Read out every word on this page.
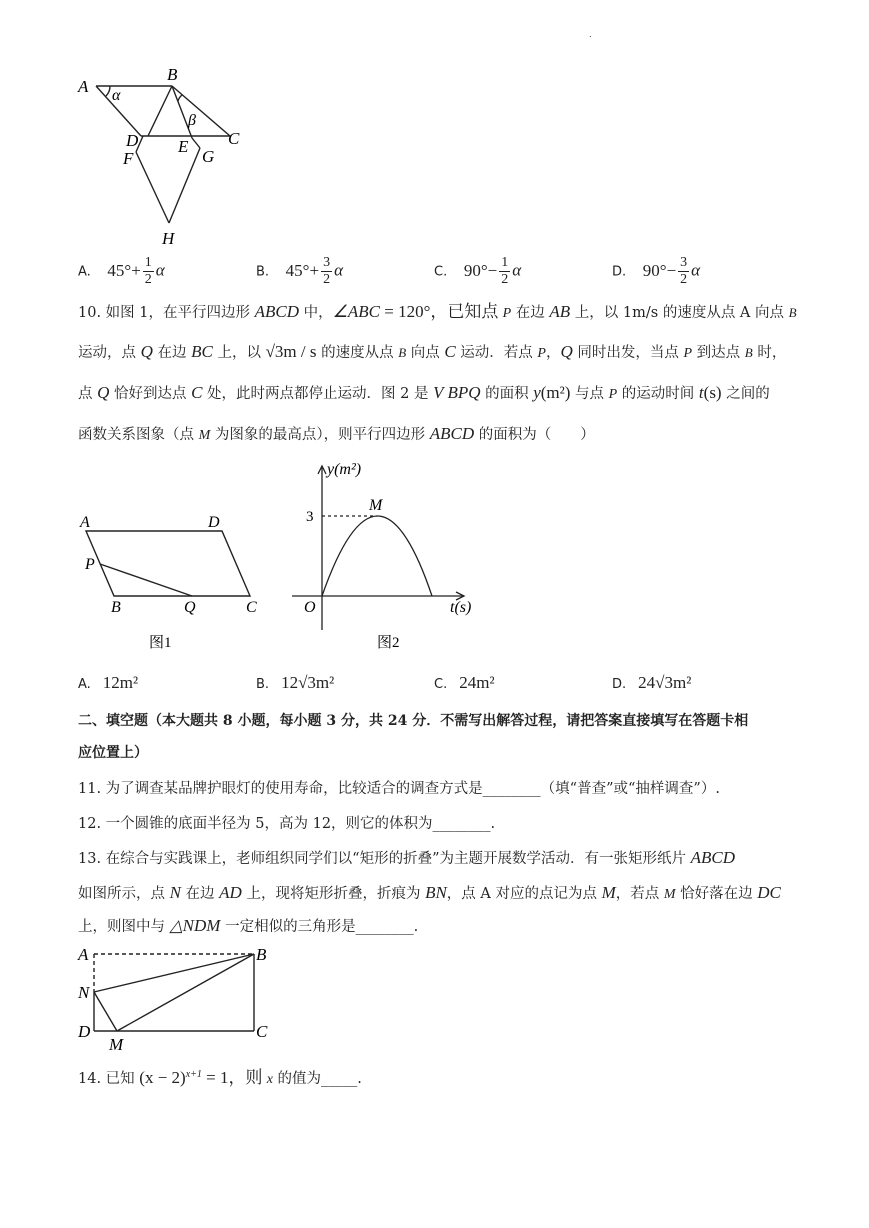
.
A
B
α
β
D E C
F	G
H
A. $45^\circ+ \frac{1}{2}$ α	B. $45^\circ+ \frac{3}{2}$ α	C. $90^\circ- \frac{1}{2}$ α	D. $90^\circ- \frac{3}{2}$ α
10. 如图 1，在平行四边形 ABCD 中，∠ABC = 120°，已知点 P 在边 AB 上，以 1m/s 的速度从点 A 向点 B
运动，点 Q 在边 BC 上，以 √3m / s 的速度从点 B 向点 C 运动．若点 P，Q 同时出发，当点 P 到达点 B 时，
点 Q 恰好到达点 C 处，此时两点都停止运动．图 2 是 V BPQ 的面积 y(m²) 与点 P 的运动时间 t(s) 之间的
函数关系图象（点 M 为图象的最高点），则平行四边形 ABCD 的面积为（　　）
A	D
P
B	Q	C
图1
y(m²)
M
3
O	t(s)
图2
A. 12m²	B. 12√3m²	C. 24m²	D. 24√3m²
二、填空题（本大题共 8 小题，每小题 3 分，共 24 分．不需写出解答过程，请把答案直接填写在答题卡相
应位置上）
11. 为了调查某品牌护眼灯的使用寿命，比较适合的调查方式是________（填“普查”或“抽样调查”）.
12. 一个圆锥的底面半径为 5，高为 12，则它的体积为________.
13. 在综合与实践课上，老师组织同学们以“矩形的折叠”为主题开展数学活动．有一张矩形纸片 ABCD
如图所示，点 N 在边 AD 上，现将矩形折叠，折痕为 BN，点 A 对应的点记为点 M，若点 M 恰好落在边 DC
上，则图中与 △NDM 一定相似的三角形是________.
A	B
N
D	C
M
14. 已知 $(x - 2)^{x+1} = 1$，则 x 的值为_____.
